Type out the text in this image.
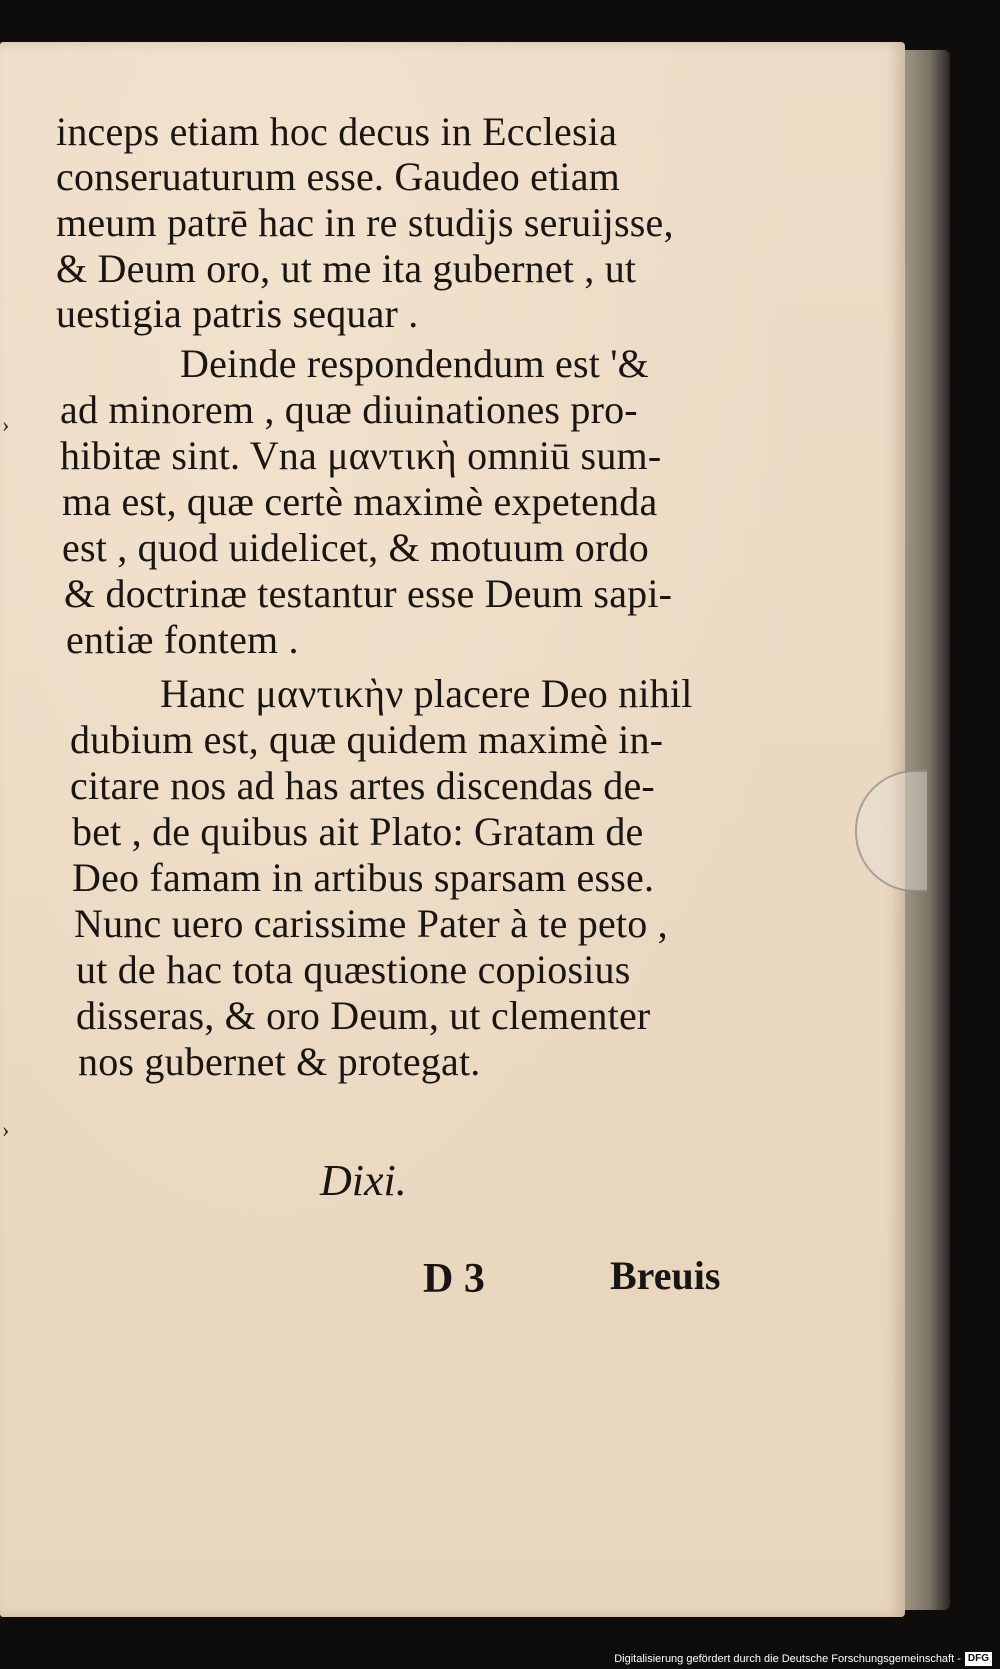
›
›
inceps etiam hoc decus in Ecclesia
conseruaturum esse. Gaudeo etiam
meum patrē hac in re studijs seruijsse,
& Deum oro, ut me ita gubernet , ut
uestigia patris sequar .
Deinde respondendum est '&
ad minorem , quæ diuinationes pro‑
hibitæ sint. Vna μαντικὴ omniū sum‑
ma est, quæ certè maximè expetenda
est , quod uidelicet, & motuum ordo
& doctrinæ testantur esse Deum sapi‑
entiæ fontem .
Hanc μαντικὴν placere Deo nihil
dubium est, quæ quidem maximè in‑
citare nos ad has artes discendas de‑
bet , de quibus ait Plato: Gratam de
Deo famam in artibus sparsam esse.
Nunc uero carissime Pater à te peto ,
ut de hac tota quæstione copiosius
disseras, & oro Deum, ut clementer
nos gubernet & protegat.
Dixi.
D 3	Breuis
Digitalisierung gefördert durch die Deutsche Forschungsgemeinschaft - DFG
